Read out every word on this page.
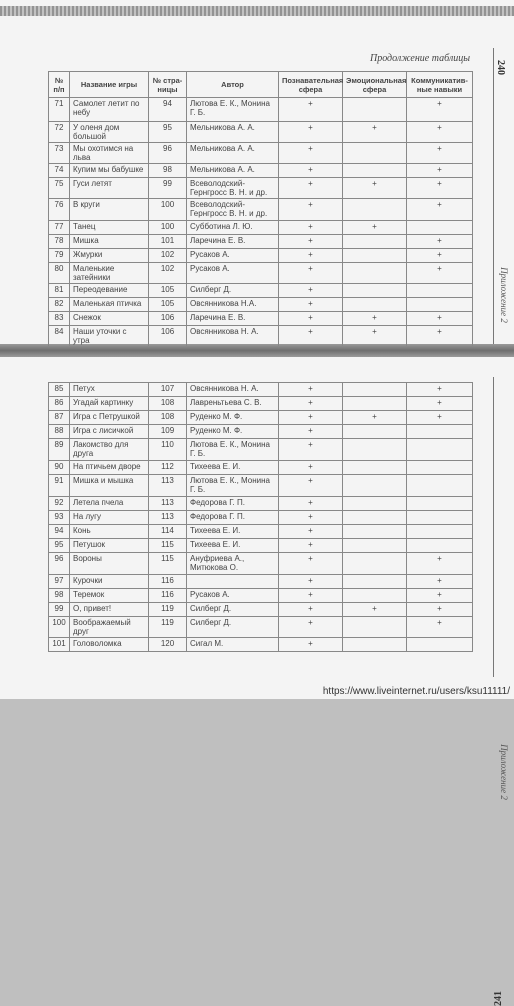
Продолжение таблицы
240
Приложение 2
Приложение 2
241
№ п/п	Название игры	№ стра-ницы	Автор	Познавательная сфера	Эмоциональная сфера	Коммуникатив-ные навыки
71	Самолет летит по небу	94	Лютова Е. К., Монина Г. Б.	+		+
72	У оленя дом большой	95	Мельникова А. А.	+	+	+
73	Мы охотимся на льва	96	Мельникова А. А.	+		+
74	Купим мы бабушке	98	Мельникова А. А.	+		+
75	Гуси летят	99	Всеволодский-Гернгросс В. Н. и др.	+	+	+
76	В круги	100	Всеволодский-Гернгросс В. Н. и др.	+		+
77	Танец	100	Субботина Л. Ю.	+	+	
78	Мишка	101	Ларечина Е. В.	+		+
79	Жмурки	102	Русаков А.	+		+
80	Маленькие затейники	102	Русаков А.	+		+
81	Переодевание	105	Силберг Д.	+		
82	Маленькая птичка	105	Овсянникова Н.А.	+		
83	Снежок	106	Ларечина Е. В.	+	+	+
84	Наши уточки с утра	106	Овсянникова Н. А.	+	+	+
85	Петух	107	Овсянникова Н. А.	+		+
86	Угадай картинку	108	Лавреньтьева С. В.	+		+
87	Игра с Петрушкой	108	Руденко М. Ф.	+	+	+
88	Игра с лисичкой	109	Руденко М. Ф.	+		
89	Лакомство для друга	110	Лютова Е. К., Монина Г. Б.	+		
90	На птичьем дворе	112	Тихеева Е. И.	+		
91	Мишка и мышка	113	Лютова Е. К., Монина Г. Б.	+		
92	Летела пчела	113	Федорова Г. П.	+		
93	На лугу	113	Федорова Г. П.	+		
94	Конь	114	Тихеева Е. И.	+		
95	Петушок	115	Тихеева Е. И.	+		
96	Вороны	115	Ануфриева А., Митюкова О.	+		+
97	Курочки	116		+		+
98	Теремок	116	Русаков А.	+		+
99	О, привет!	119	Силберг Д.	+	+	+
100	Воображаемый друг	119	Силберг Д.	+		+
101	Головоломка	120	Сигал М.	+		
https://www.liveinternet.ru/users/ksu11111/
